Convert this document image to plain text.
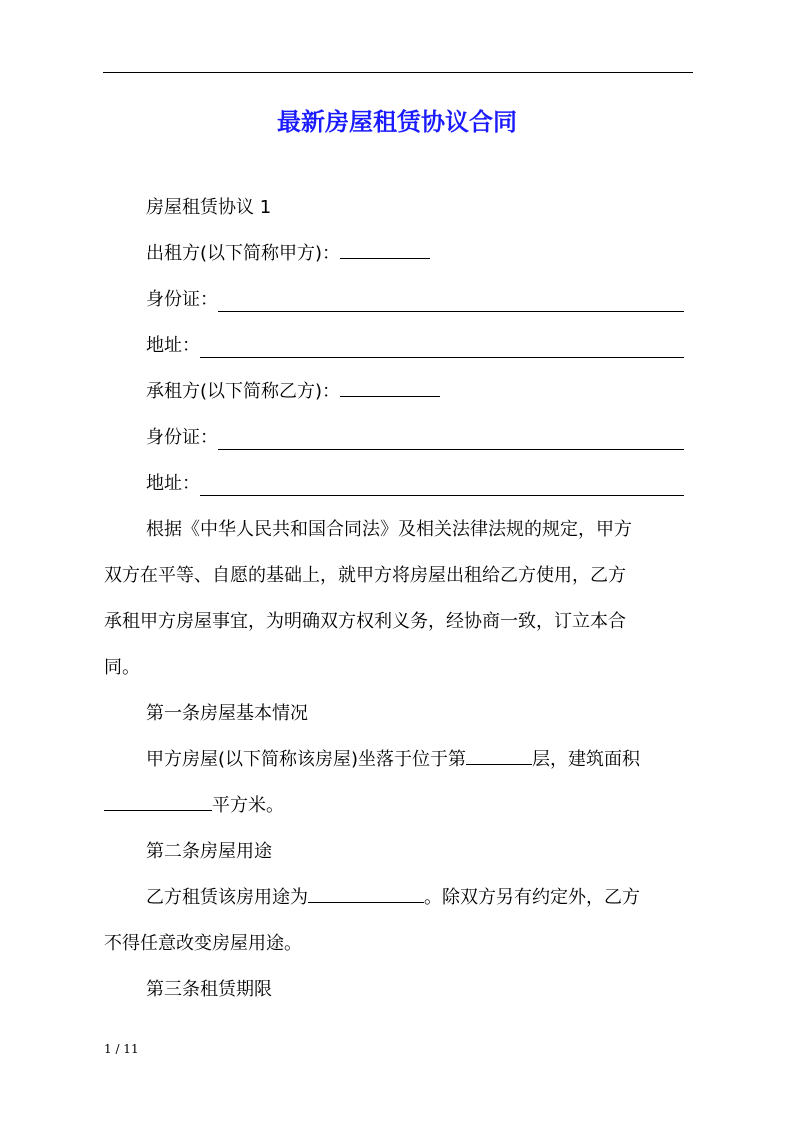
最新房屋租赁协议合同
房屋租赁协议 1
出租方(以下简称甲方)：
身份证：
地址：
承租方(以下简称乙方)：
身份证：
地址：
根据《中华人民共和国合同法》及相关法律法规的规定，甲方
双方在平等、自愿的基础上，就甲方将房屋出租给乙方使用，乙方
承租甲方房屋事宜，为明确双方权利义务，经协商一致，订立本合
同。
第一条房屋基本情况
甲方房屋(以下简称该房屋)坐落于位于第	层，建筑面积
平方米。
第二条房屋用途
乙方租赁该房用途为	。除双方另有约定外，乙方
不得任意改变房屋用途。
第三条租赁期限
1 / 11
